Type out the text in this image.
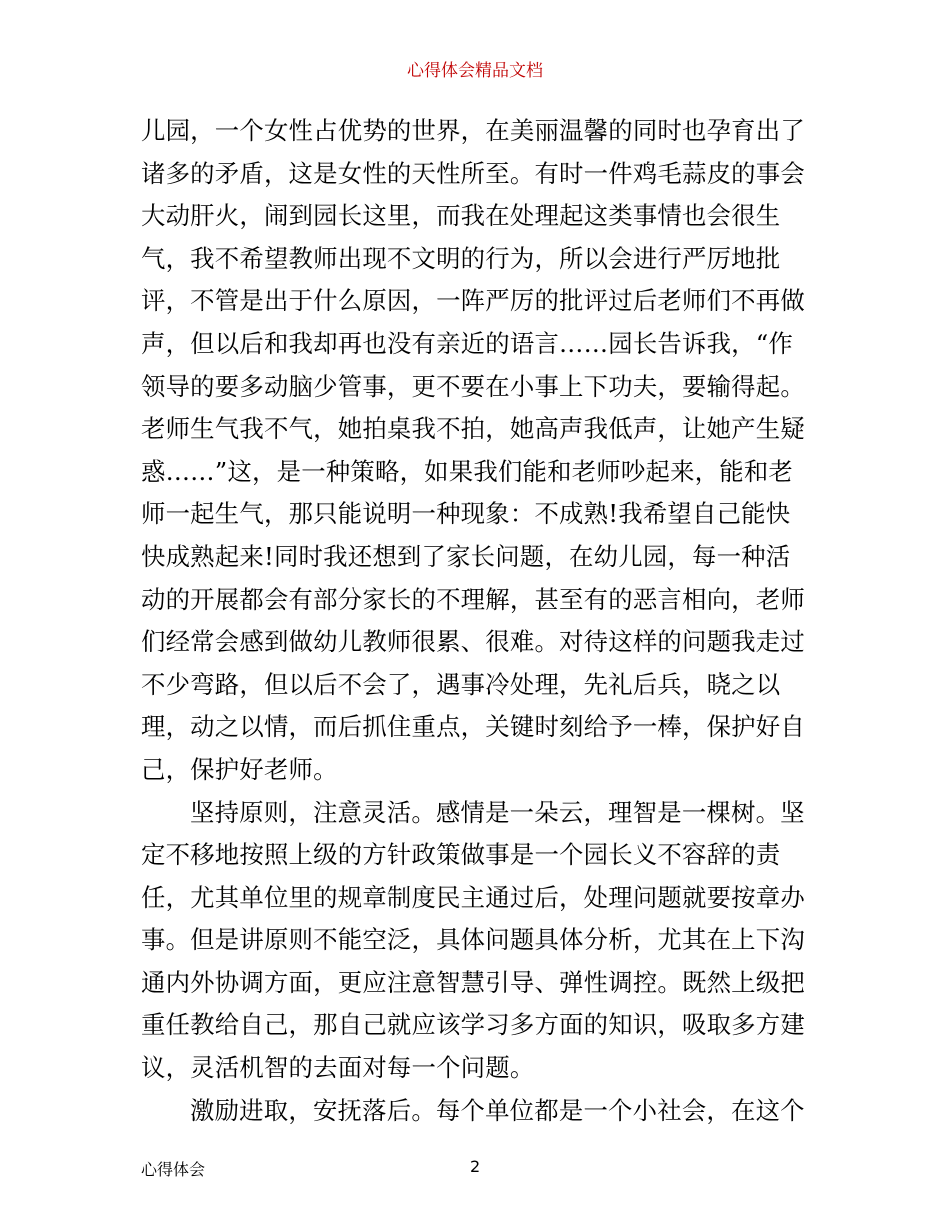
心得体会精品文档
儿园，一个女性占优势的世界，在美丽温馨的同时也孕育出了
诸多的矛盾，这是女性的天性所至。有时一件鸡毛蒜皮的事会
大动肝火，闹到园长这里，而我在处理起这类事情也会很生
气，我不希望教师出现不文明的行为，所以会进行严厉地批
评，不管是出于什么原因，一阵严厉的批评过后老师们不再做
声，但以后和我却再也没有亲近的语言……园长告诉我，“作
领导的要多动脑少管事，更不要在小事上下功夫，要输得起。
老师生气我不气，她拍桌我不拍，她高声我低声，让她产生疑
惑……”这，是一种策略，如果我们能和老师吵起来，能和老
师一起生气，那只能说明一种现象：不成熟!我希望自己能快
快成熟起来!同时我还想到了家长问题，在幼儿园，每一种活
动的开展都会有部分家长的不理解，甚至有的恶言相向，老师
们经常会感到做幼儿教师很累、很难。对待这样的问题我走过
不少弯路，但以后不会了，遇事冷处理，先礼后兵，晓之以
理，动之以情，而后抓住重点，关键时刻给予一棒，保护好自
己，保护好老师。
坚持原则，注意灵活。感情是一朵云，理智是一棵树。坚
定不移地按照上级的方针政策做事是一个园长义不容辞的责
任，尤其单位里的规章制度民主通过后，处理问题就要按章办
事。但是讲原则不能空泛，具体问题具体分析，尤其在上下沟
通内外协调方面，更应注意智慧引导、弹性调控。既然上级把
重任教给自己，那自己就应该学习多方面的知识，吸取多方建
议，灵活机智的去面对每一个问题。
激励进取，安抚落后。每个单位都是一个小社会，在这个
心得体会	2
